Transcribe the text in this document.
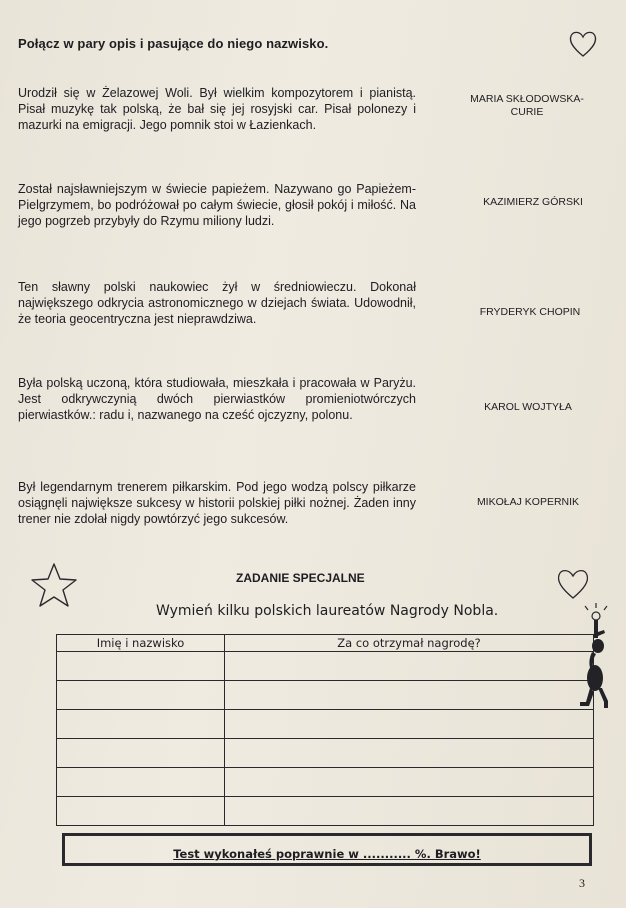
Połącz w pary opis i pasujące do niego nazwisko.
Urodził się w Żelazowej Woli. Był wielkim kompozytorem i pianistą. Pisał muzykę tak polską, że bał się jej rosyjski car. Pisał polonezy i mazurki na emigracji. Jego pomnik stoi w Łazienkach.
Został najsławniejszym w świecie papieżem. Nazywano go Papieżem- Pielgrzymem, bo podróżował po całym świecie, głosił pokój i miłość. Na jego pogrzeb przybyły do Rzymu miliony ludzi.
Ten sławny polski naukowiec żył w średniowieczu. Dokonał największego odkrycia astronomicznego w dziejach świata. Udowodnił, że teoria geocentryczna jest nieprawdziwa.
Była polską uczoną, która studiowała, mieszkała i pracowała w Paryżu. Jest odkrywczynią dwóch pierwiastków promieniotwórczych pierwiastków.: radu i, nazwanego na cześć ojczyzny, polonu.
Był legendarnym trenerem piłkarskim. Pod jego wodzą polscy piłkarze osiągnęli największe sukcesy w historii polskiej piłki nożnej. Żaden inny trener nie zdołał nigdy powtórzyć jego sukcesów.
MARIA SKŁODOWSKA- CURIE
KAZIMIERZ GÓRSKI
FRYDERYK CHOPIN
KAROL WOJTYŁA
MIKOŁAJ KOPERNIK
ZADANIE SPECJALNE
Wymień kilku polskich laureatów Nagrody Nobla.
Imię i nazwisko	Za co otrzymał nagrodę?

Test wykonałeś poprawnie w ........... %. Brawo!
3
